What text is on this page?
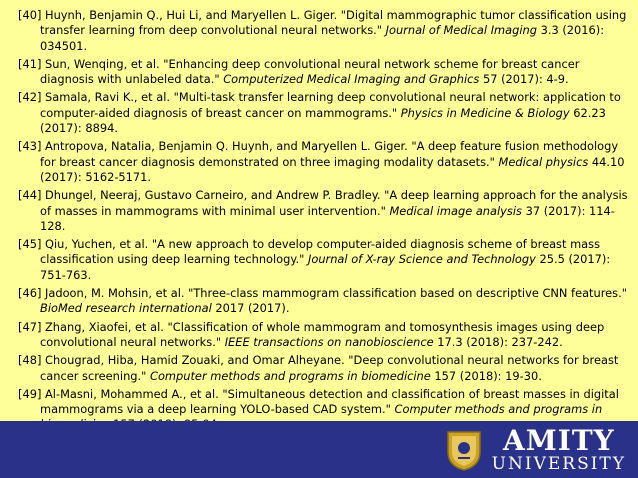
[40] Huynh, Benjamin Q., Hui Li, and Maryellen L. Giger. "Digital mammographic tumor classification using transfer learning from deep convolutional neural networks." Journal of Medical Imaging 3.3 (2016): 034501.
[41] Sun, Wenqing, et al. "Enhancing deep convolutional neural network scheme for breast cancer diagnosis with unlabeled data." Computerized Medical Imaging and Graphics 57 (2017): 4-9.
[42] Samala, Ravi K., et al. "Multi-task transfer learning deep convolutional neural network: application to computer-aided diagnosis of breast cancer on mammograms." Physics in Medicine & Biology 62.23 (2017): 8894.
[43] Antropova, Natalia, Benjamin Q. Huynh, and Maryellen L. Giger. "A deep feature fusion methodology for breast cancer diagnosis demonstrated on three imaging modality datasets." Medical physics 44.10 (2017): 5162-5171.
[44] Dhungel, Neeraj, Gustavo Carneiro, and Andrew P. Bradley. "A deep learning approach for the analysis of masses in mammograms with minimal user intervention." Medical image analysis 37 (2017): 114-128.
[45] Qiu, Yuchen, et al. "A new approach to develop computer-aided diagnosis scheme of breast mass classification using deep learning technology." Journal of X-ray Science and Technology 25.5 (2017): 751-763.
[46] Jadoon, M. Mohsin, et al. "Three-class mammogram classification based on descriptive CNN features." BioMed research international 2017 (2017).
[47] Zhang, Xiaofei, et al. "Classification of whole mammogram and tomosynthesis images using deep convolutional neural networks." IEEE transactions on nanobioscience 17.3 (2018): 237-242.
[48] Chougrad, Hiba, Hamid Zouaki, and Omar Alheyane. "Deep convolutional neural networks for breast cancer screening." Computer methods and programs in biomedicine 157 (2018): 19-30.
[49] Al-Masni, Mohammed A., et al. "Simultaneous detection and classification of breast masses in digital mammograms via a deep learning YOLO-based CAD system." Computer methods and programs in
AMITY
UNIVERSITY
